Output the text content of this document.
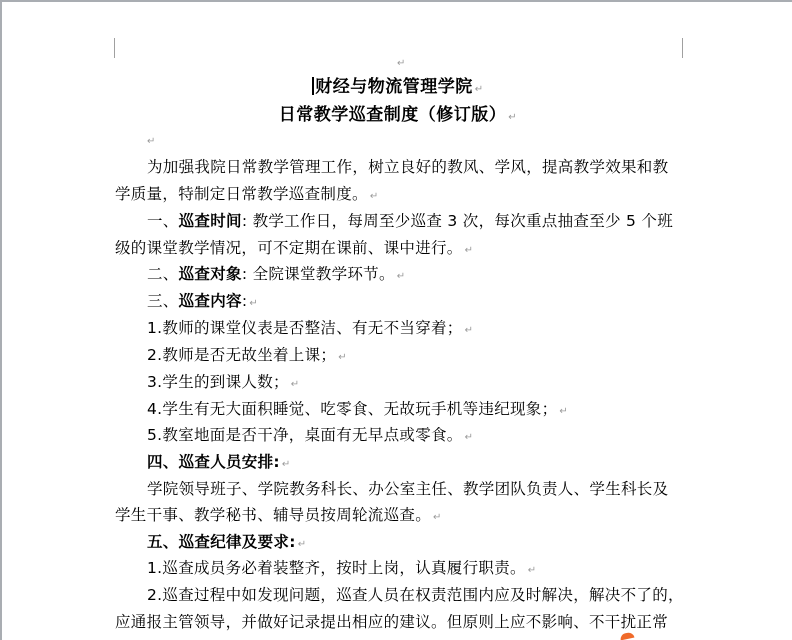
↵
财经与物流管理学院 ↵
日常教学巡查制度（修订版） ↵
↵
为加强我院日常教学管理工作，树立良好的教风、学风，提高教学效果和教
学质量，特制定日常教学巡查制度。 ↵
一、巡查时间: 教学工作日，每周至少巡查 3 次，每次重点抽查至少 5 个班
级的课堂教学情况，可不定期在课前、课中进行。 ↵
二、巡查对象: 全院课堂教学环节。 ↵
三、巡查内容: ↵
1.教师的课堂仪表是否整洁、有无不当穿着； ↵
2.教师是否无故坐着上课； ↵
3.学生的到课人数； ↵
4.学生有无大面积睡觉、吃零食、无故玩手机等违纪现象； ↵
5.教室地面是否干净，桌面有无早点或零食。 ↵
四、巡查人员安排: ↵
学院领导班子、学院教务科长、办公室主任、教学团队负责人、学生科长及
学生干事、教学秘书、辅导员按周轮流巡查。 ↵
五、巡查纪律及要求: ↵
1.巡查成员务必着装整齐，按时上岗，认真履行职责。 ↵
2.巡查过程中如发现问题，巡查人员在权责范围内应及时解决，解决不了的，
应通报主管领导，并做好记录提出相应的建议。但原则上应不影响、不干扰正常
